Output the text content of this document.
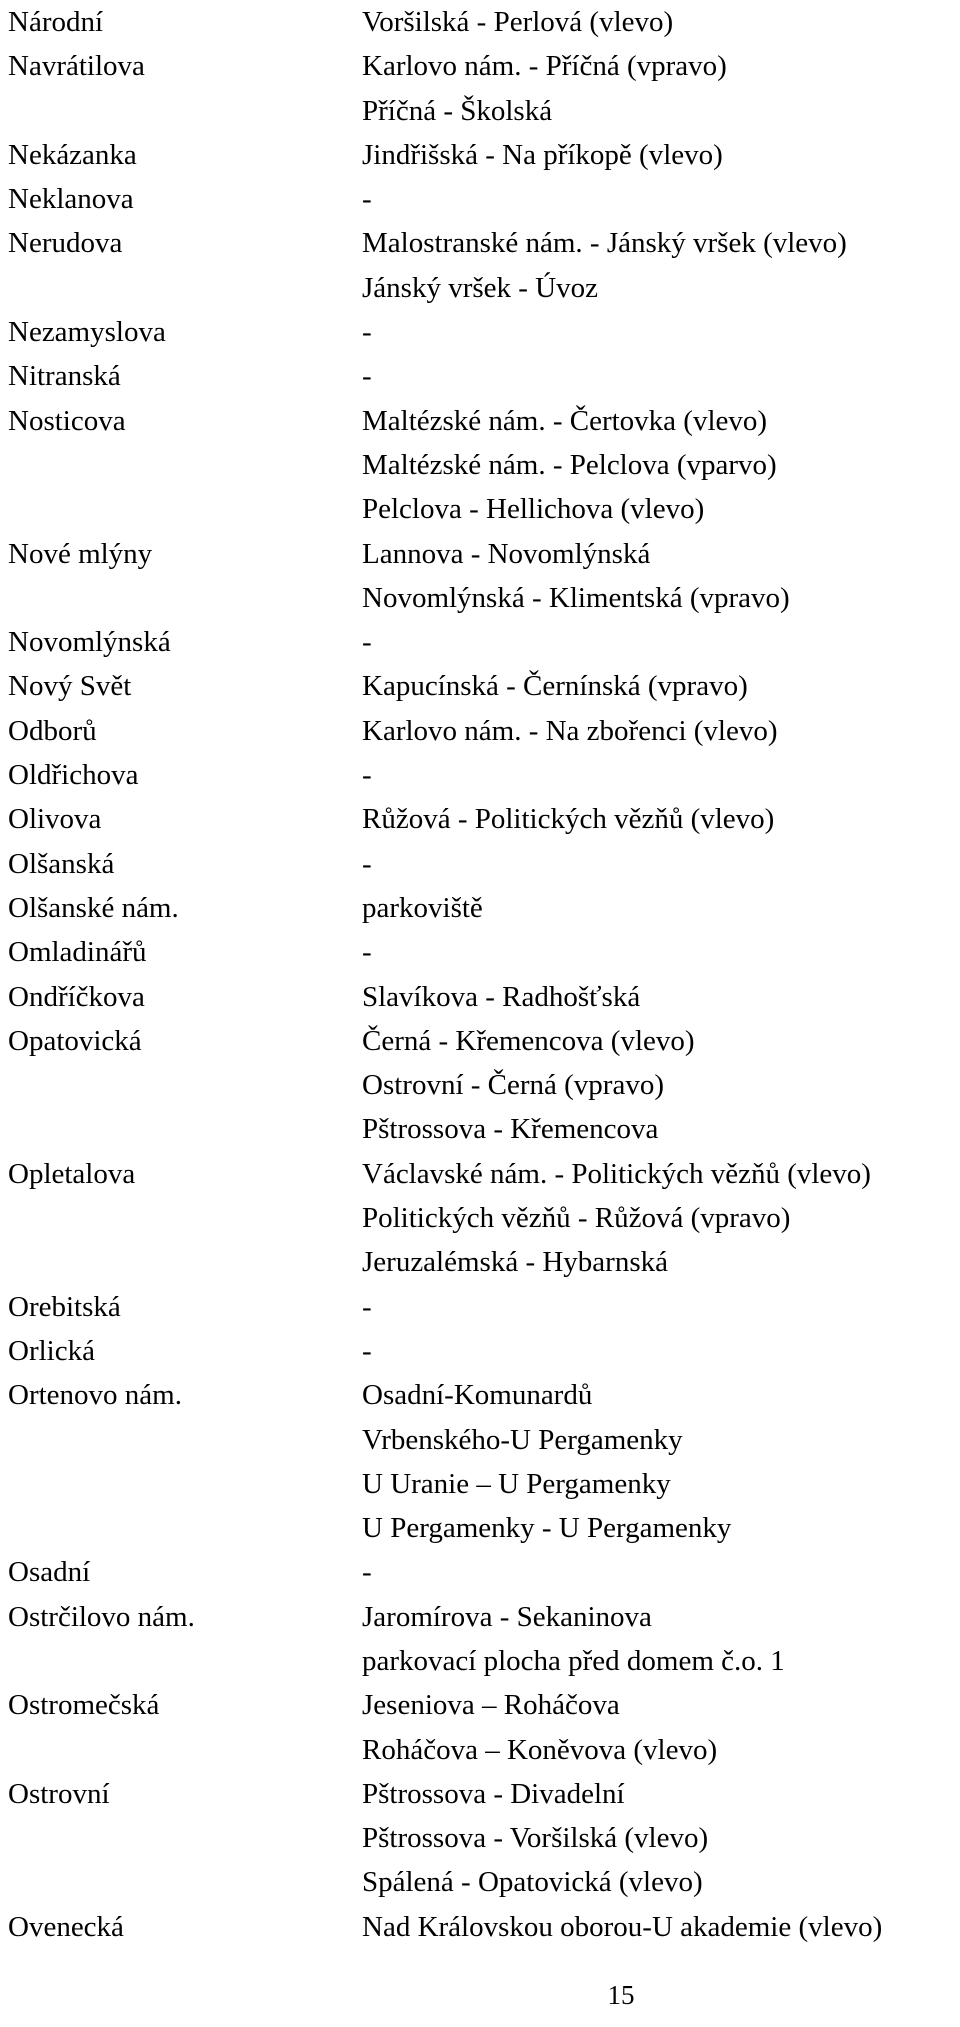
Národní	Voršilská - Perlová (vlevo)
Navrátilova	Karlovo nám. - Příčná (vpravo)
Příčná - Školská
Nekázanka	Jindřišská - Na příkopě (vlevo)
Neklanova	-
Nerudova	Malostranské nám. - Jánský vršek (vlevo)
Jánský vršek - Úvoz
Nezamyslova	-
Nitranská	-
Nosticova	Maltézské nám. - Čertovka (vlevo)
Maltézské nám. - Pelclova (vparvo)
Pelclova - Hellichova (vlevo)
Nové mlýny	Lannova - Novomlýnská
Novomlýnská - Klimentská (vpravo)
Novomlýnská	-
Nový Svět	Kapucínská - Černínská (vpravo)
Odborů	Karlovo nám. - Na zbořenci (vlevo)
Oldřichova	-
Olivova	Růžová - Politických vězňů (vlevo)
Olšanská	-
Olšanské nám.	parkoviště
Omladinářů	-
Ondříčkova	Slavíkova - Radhošťská
Opatovická	Černá - Křemencova (vlevo)
Ostrovní - Černá (vpravo)
Pštrossova - Křemencova
Opletalova	Václavské nám. - Politických vězňů (vlevo)
Politických vězňů - Růžová (vpravo)
Jeruzalémská - Hybarnská
Orebitská	-
Orlická	-
Ortenovo nám.	Osadní-Komunardů
Vrbenského-U Pergamenky
U Uranie – U Pergamenky
U Pergamenky - U Pergamenky
Osadní	-
Ostrčilovo nám.	Jaromírova - Sekaninova
parkovací plocha před domem č.o. 1
Ostromečská	Jeseniova – Roháčova
Roháčova – Koněvova (vlevo)
Ostrovní	Pštrossova - Divadelní
Pštrossova - Voršilská (vlevo)
Spálená - Opatovická (vlevo)
Ovenecká	Nad Královskou oborou-U akademie (vlevo)
15
